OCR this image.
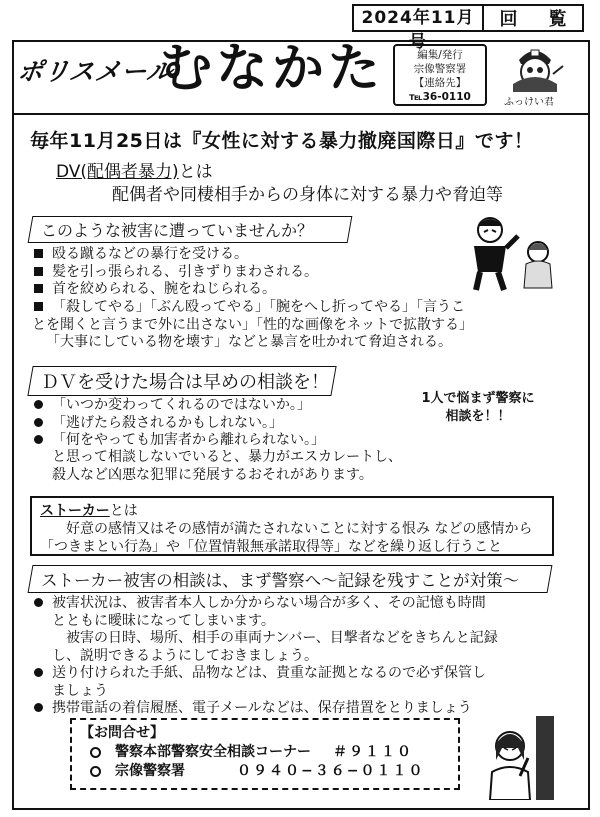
2024年11月号
回 覧
ポリスメール
むなかた	編集/発行
宗像警察署
【連絡先】
℡36-0110	ふっけい君
毎年11月25日は『女性に対する暴力撤廃国際日』です！
DV(配偶者暴力)とは
配偶者や同棲相手からの身体に対する暴力や脅迫等
このような被害に遭っていませんか？
殴る蹴るなどの暴行を受ける。
髪を引っ張られる、引きずりまわされる。
首を絞められる、腕をねじられる。
「殺してやる」「ぶん殴ってやる」「腕をへし折ってやる」「言うこ
とを聞くと言うまで外に出さない」「性的な画像をネットで拡散する」
「大事にしている物を壊す」などと暴言を吐かれて脅迫される。
ＤＶを受けた場合は早めの相談を！
「いつか変わってくれるのではないか。」
「逃げたら殺されるかもしれない。」
「何をやっても加害者から離れられない。」
と思って相談しないでいると、暴力がエスカレートし、
殺人など凶悪な犯罪に発展するおそれがあります。
1人で悩まず警察に
相談を！！
ストーカーとは
好意の感情又はその感情が満たされないことに対する恨み などの感情から
「つきまとい行為」や「位置情報無承諾取得等」などを繰り返し行うこと
ストーカー被害の相談は、まず警察へ～記録を残すことが対策～
被害状況は、被害者本人しか分からない場合が多く、その記憶も時間
とともに曖昧になってしまいます。
被害の日時、場所、相手の車両ナンバー、目撃者などをきちんと記録
し、説明できるようにしておきましょう。
送り付けられた手紙、品物などは、貴重な証拠となるので必ず保管し
ましょう
携帯電話の着信履歴、電子メールなどは、保存措置をとりましょう
【お問合せ】
警察本部警察安全相談コーナー ＃９１１０
宗像警察署	０９４０−３６−０１１０
